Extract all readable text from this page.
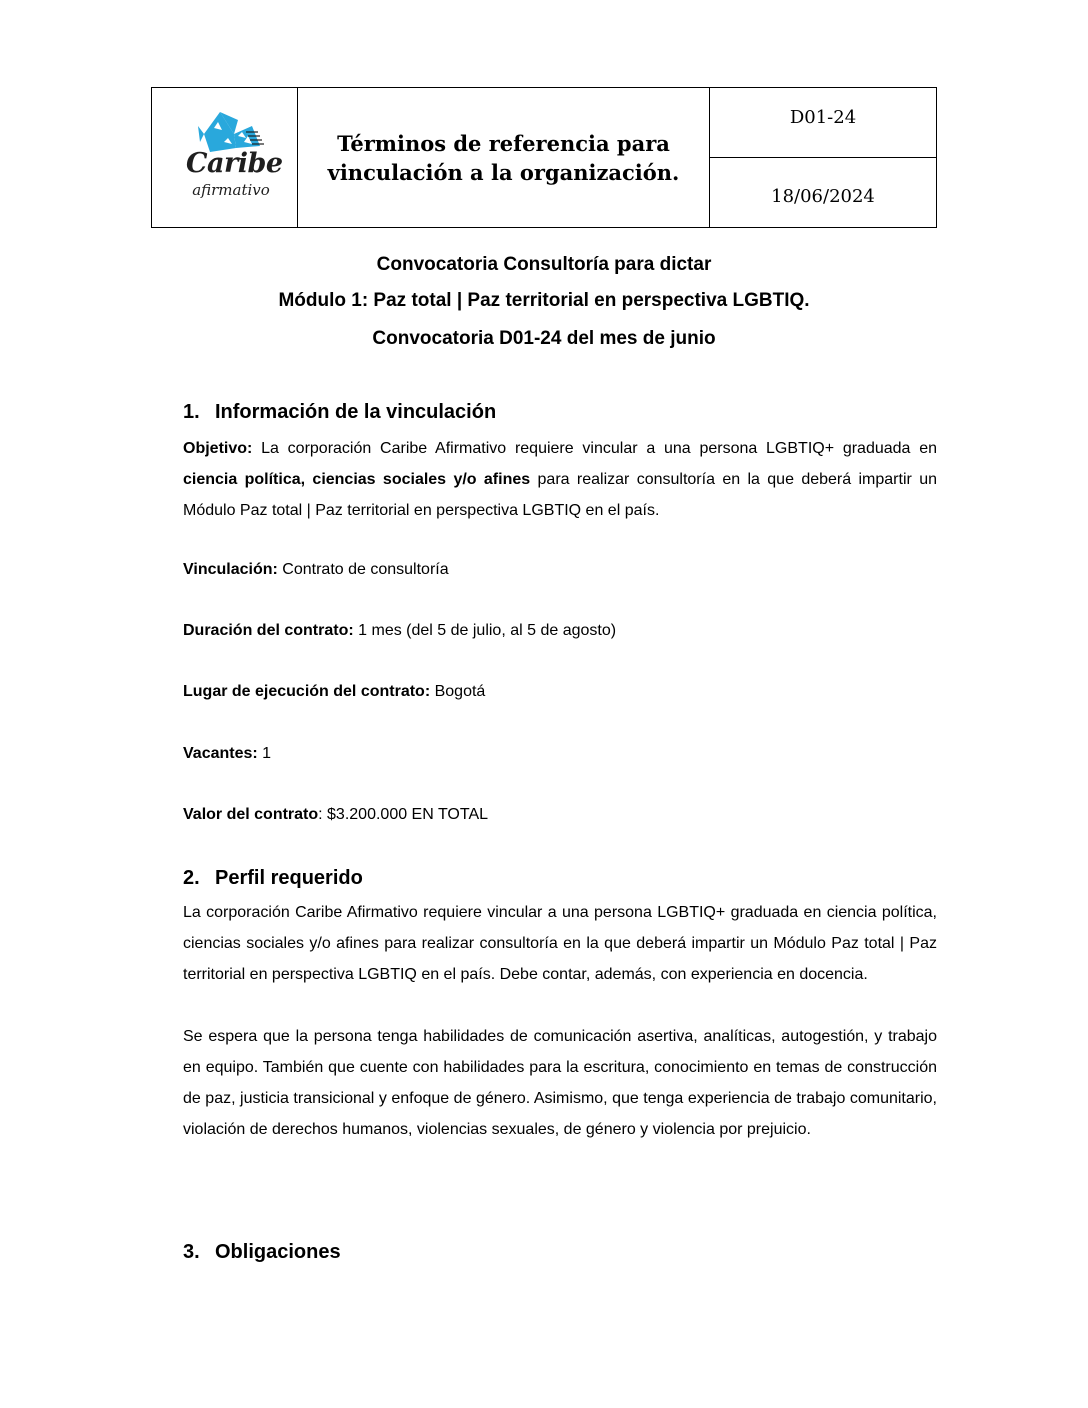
Caribe
afirmativo
Términos de referencia para vinculación a la organización.
D01-24
18/06/2024
Convocatoria Consultoría para dictar
Módulo 1: Paz total | Paz territorial en perspectiva LGBTIQ.
Convocatoria D01-24 del mes de junio
1. Información de la vinculación
Objetivo: La corporación Caribe Afirmativo requiere vincular a una persona LGBTIQ+ graduada en ciencia política, ciencias sociales y/o afines para realizar consultoría en la que deberá impartir un Módulo Paz total | Paz territorial en perspectiva LGBTIQ en el país.
Vinculación: Contrato de consultoría
Duración del contrato: 1 mes (del 5 de julio, al 5 de agosto)
Lugar de ejecución del contrato: Bogotá
Vacantes: 1
Valor del contrato: $3.200.000 EN TOTAL
2. Perfil requerido
La corporación Caribe Afirmativo requiere vincular a una persona LGBTIQ+ graduada en ciencia política, ciencias sociales y/o afines para realizar consultoría en la que deberá impartir un Módulo Paz total | Paz territorial en perspectiva LGBTIQ en el país. Debe contar, además, con experiencia en docencia.
Se espera que la persona tenga habilidades de comunicación asertiva, analíticas, autogestión, y trabajo en equipo. También que cuente con habilidades para la escritura, conocimiento en temas de construcción de paz, justicia transicional y enfoque de género. Asimismo, que tenga experiencia de trabajo comunitario, violación de derechos humanos, violencias sexuales, de género y violencia por prejuicio.
3. Obligaciones
